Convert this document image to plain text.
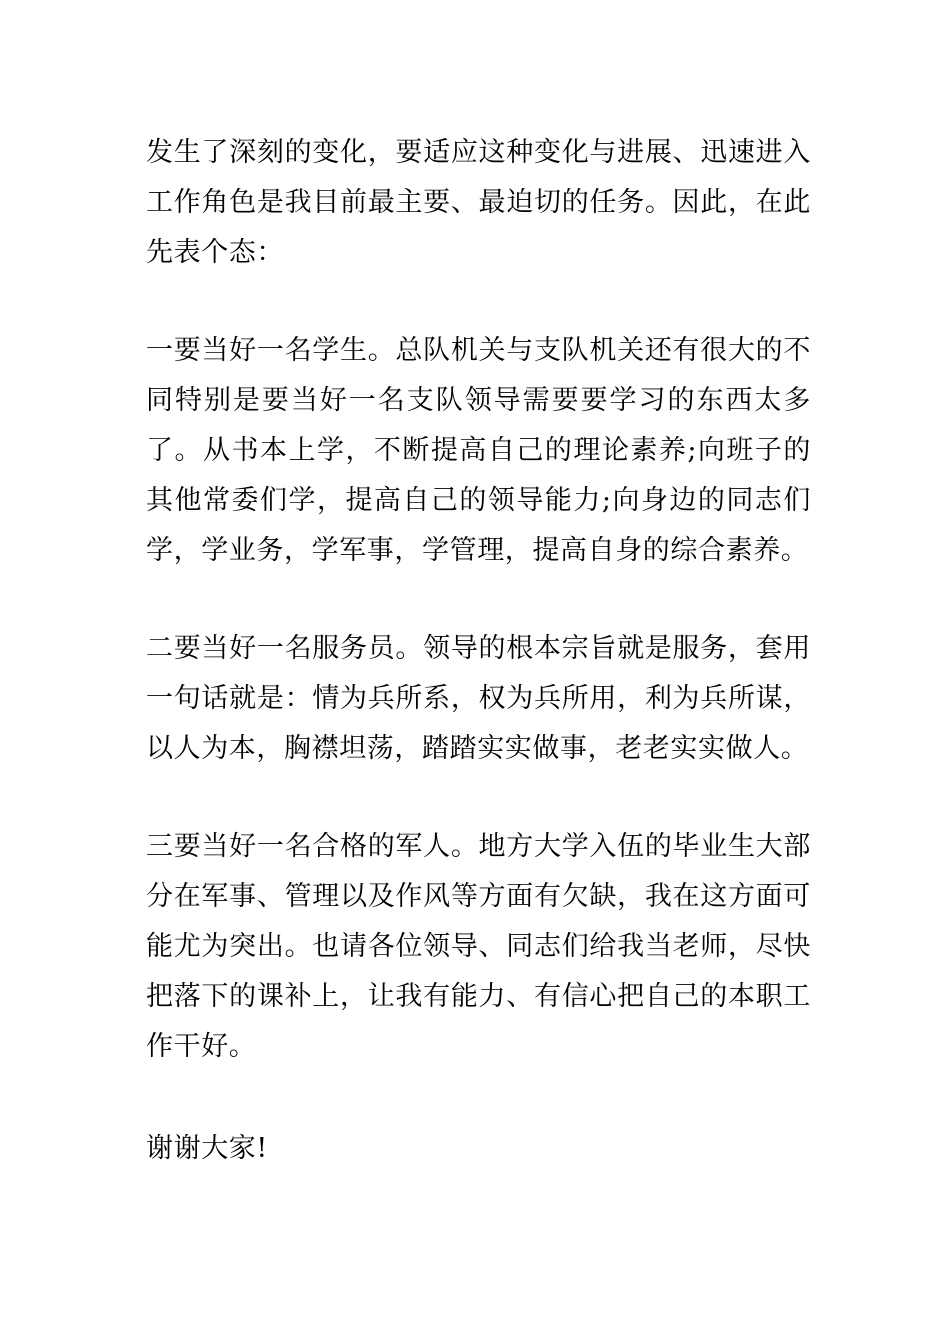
发生了深刻的变化，要适应这种变化与进展、迅速进入工作角色是我目前最主要、最迫切的任务。因此，在此先表个态：

一要当好一名学生。总队机关与支队机关还有很大的不同特别是要当好一名支队领导需要要学习的东西太多了。从书本上学，不断提高自己的理论素养;向班子的其他常委们学，提高自己的领导能力;向身边的同志们学，学业务，学军事，学管理，提高自身的综合素养。

二要当好一名服务员。领导的根本宗旨就是服务，套用一句话就是：情为兵所系，权为兵所用，利为兵所谋，以人为本，胸襟坦荡，踏踏实实做事，老老实实做人。

三要当好一名合格的军人。地方大学入伍的毕业生大部分在军事、管理以及作风等方面有欠缺，我在这方面可能尤为突出。也请各位领导、同志们给我当老师，尽快把落下的课补上，让我有能力、有信心把自己的本职工作干好。

谢谢大家!
